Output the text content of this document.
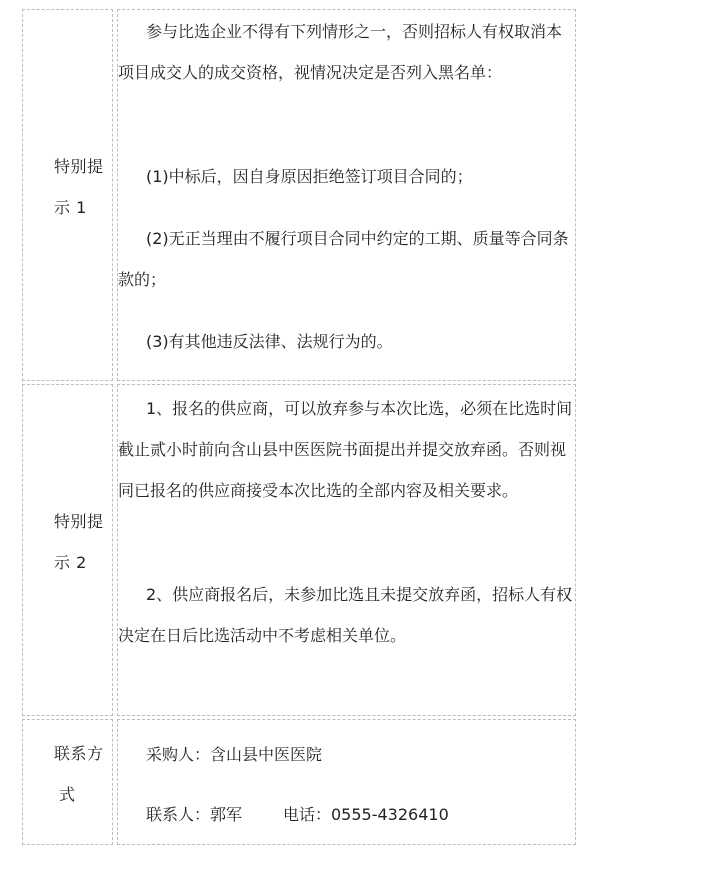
特别提
示 1
参与比选企业不得有下列情形之一，否则招标人有权取消本项目成交人的成交资格，视情况决定是否列入黑名单：
(1)中标后，因自身原因拒绝签订项目合同的；
(2)无正当理由不履行项目合同中约定的工期、质量等合同条款的；
(3)有其他违反法律、法规行为的。
特别提
示 2
1、报名的供应商，可以放弃参与本次比选，必须在比选时间截止贰小时前向含山县中医医院书面提出并提交放弃函。否则视同已报名的供应商接受本次比选的全部内容及相关要求。
2、供应商报名后，未参加比选且未提交放弃函，招标人有权决定在日后比选活动中不考虑相关单位。
联系方
式
采购人：含山县中医医院
联系人：郭军	电话：0555-4326410
